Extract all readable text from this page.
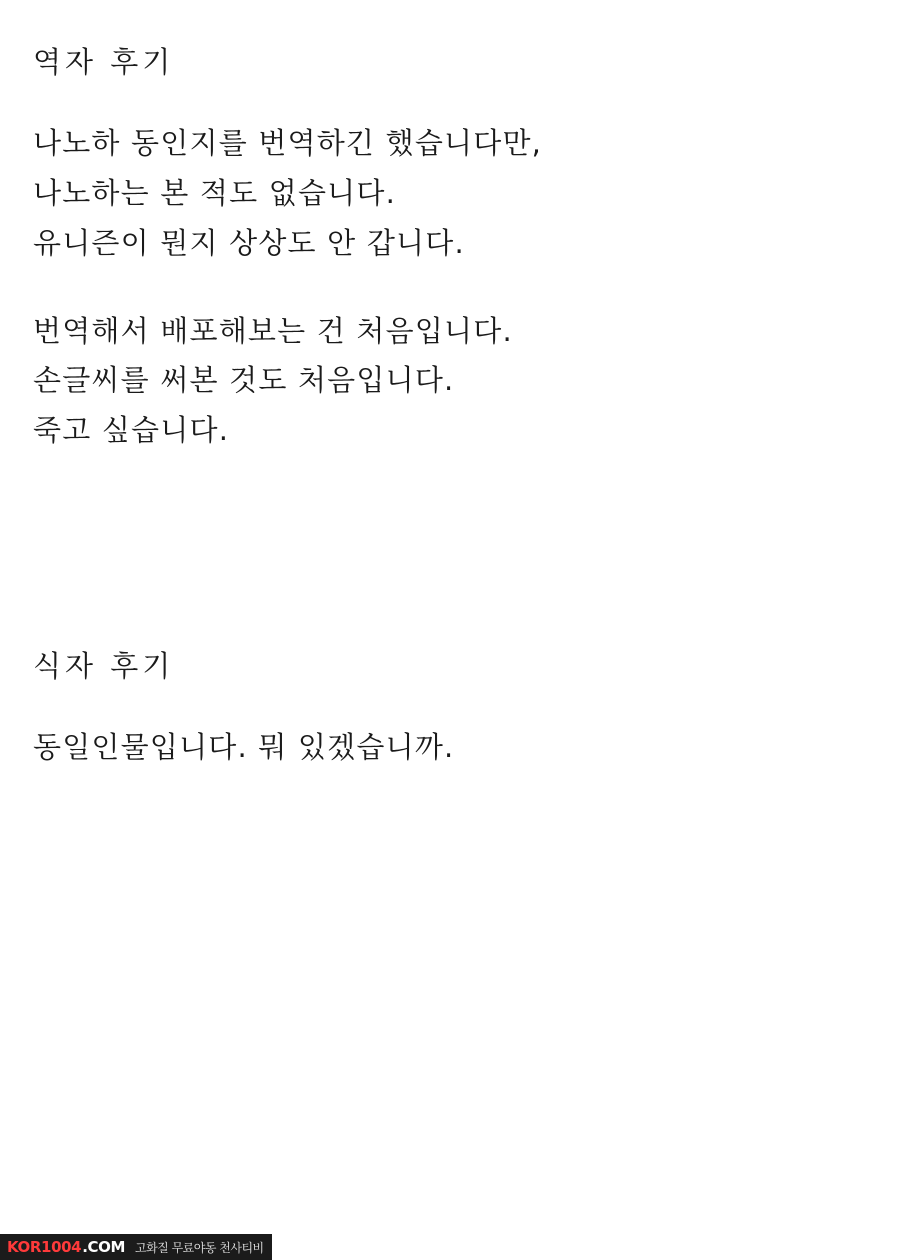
역자 후기
나노하 동인지를 번역하긴 했습니다만,
나노하는 본 적도 없습니다.
유니즌이 뭔지 상상도 안 갑니다.
번역해서 배포해보는 건 처음입니다.
손글씨를 써본 것도 처음입니다.
죽고 싶습니다.
식자 후기
동일인물입니다. 뭐 있겠습니까.
KOR1004 .COM 고화질 무료야동 천사티비
